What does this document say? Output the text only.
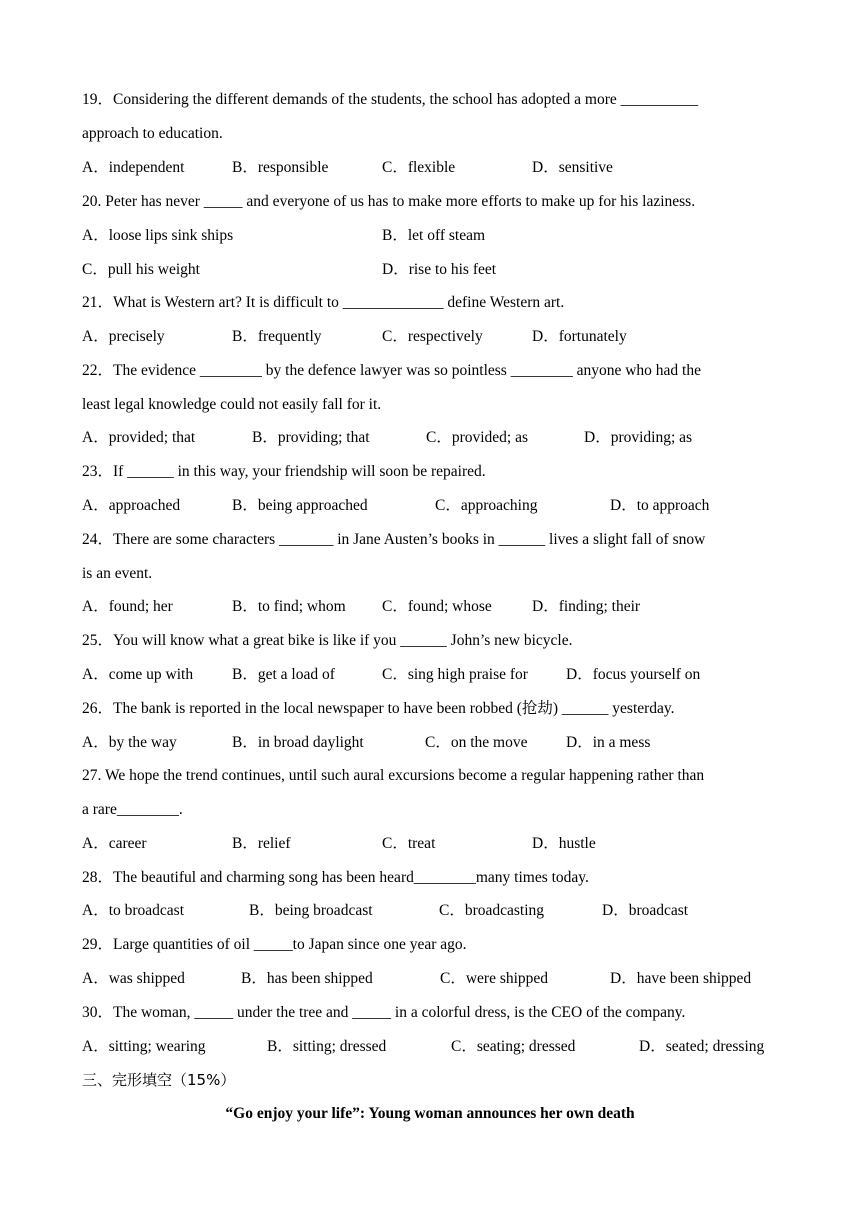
19．Considering the different demands of the students, the school has adopted a more __________
approach to education.
A．independent	B．responsible	C．flexible	D．sensitive
20. Peter has never _____ and everyone of us has to make more efforts to make up for his laziness.
A．loose lips sink ships	B．let off steam
C．pull his weight	D．rise to his feet
21．What is Western art? It is difficult to _____________ define Western art.
A．precisely	B．frequently	C．respectively	D．fortunately
22．The evidence ________ by the defence lawyer was so pointless ________ anyone who had the
least legal knowledge could not easily fall for it.
A．provided; that	B．providing; that	C．provided; as	D．providing; as
23．If ______ in this way, your friendship will soon be repaired.
A．approached	B．being approached	C．approaching	D．to approach
24．There are some characters _______ in Jane Austen’s books in ______ lives a slight fall of snow
is an event.
A．found; her	B．to find; whom C．found; whose	D．finding; their
25．You will know what a great bike is like if you ______ John’s new bicycle.
A．come up with	B．get a load of	C．sing high praise for D．focus yourself on
26．The bank is reported in the local newspaper to have been robbed (抢劫) ______ yesterday.
A．by the way	B．in broad daylight	C．on the move D．in a mess
27. We hope the trend continues, until such aural excursions become a regular happening rather than
a rare________.
A．career	B．relief	C．treat	D．hustle
28．The beautiful and charming song has been heard________many times today.
A．to broadcast	B．being broadcast	C．broadcasting	D．broadcast
29．Large quantities of oil _____to Japan since one year ago.
A．was shipped	B．has been shipped	C．were shipped	D．have been shipped
30．The woman, _____ under the tree and _____ in a colorful dress, is the CEO of the company.
A．sitting; wearing	B．sitting; dressed	C．seating; dressed	D．seated; dressing
三、完形填空（15%）
“Go enjoy your life”: Young woman announces her own death
